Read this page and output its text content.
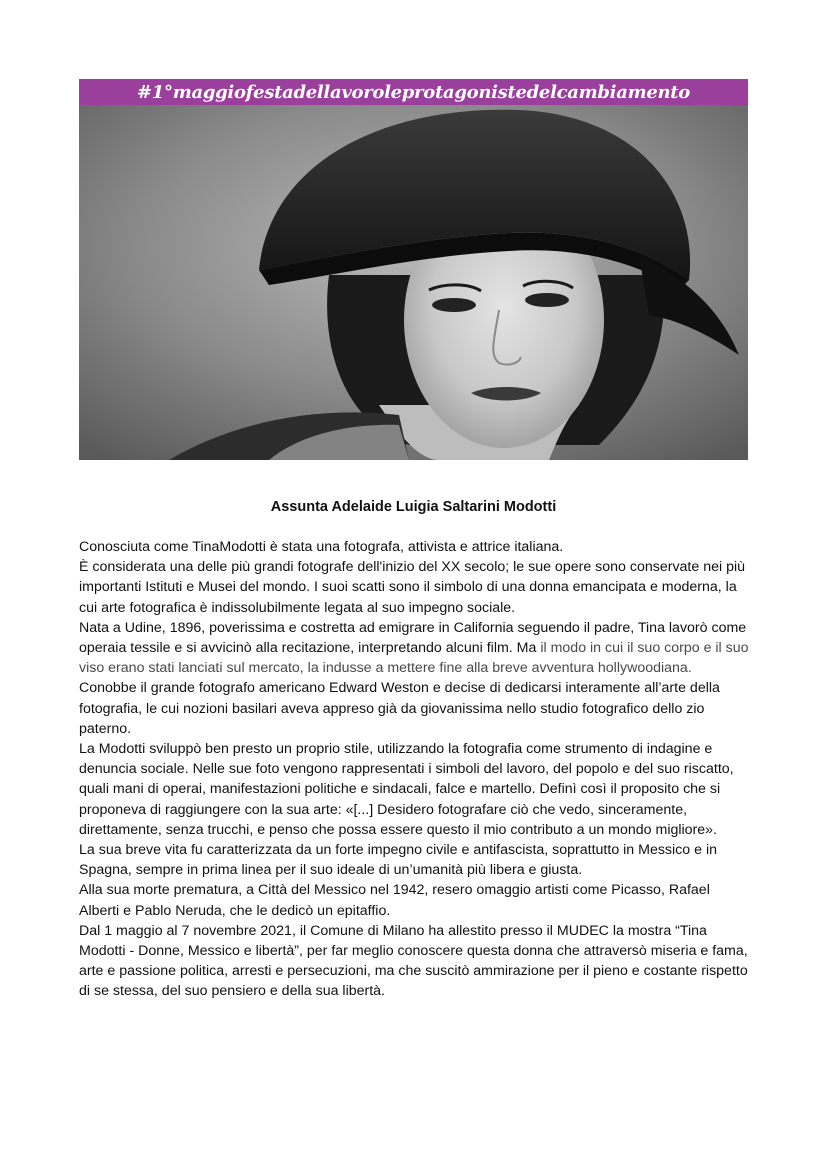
#1°maggiofestadellavoroleprotagonistedelcambiamento
Assunta Adelaide Luigia Saltarini Modotti

Conosciuta come TinaModotti è stata una fotografa, attivista e attrice italiana.

È considerata una delle più grandi fotografe dell'inizio del XX secolo; le sue opere sono conservate nei più importanti Istituti e Musei del mondo. I suoi scatti sono il simbolo di una donna emancipata e moderna, la cui arte fotografica è indissolubilmente legata al suo impegno sociale.

Nata a Udine, 1896, poverissima e costretta ad emigrare in California seguendo il padre, Tina lavorò come operaia tessile e si avvicinò alla recitazione, interpretando alcuni film. Ma il modo in cui il suo corpo e il suo viso erano stati lanciati sul mercato, la indusse a mettere fine alla breve avventura hollywoodiana. Conobbe il grande fotografo americano Edward Weston e decise di dedicarsi interamente all’arte della fotografia, le cui nozioni basilari aveva appreso già da giovanissima nello studio fotografico dello zio paterno.

La Modotti sviluppò ben presto un proprio stile, utilizzando la fotografia come strumento di indagine e denuncia sociale. Nelle sue foto vengono rappresentati i simboli del lavoro, del popolo e del suo riscatto, quali mani di operai, manifestazioni politiche e sindacali, falce e martello. Definì così il proposito che si proponeva di raggiungere con la sua arte: «[...] Desidero fotografare ciò che vedo, sinceramente, direttamente, senza trucchi, e penso che possa essere questo il mio contributo a un mondo migliore».

La sua breve vita fu caratterizzata da un forte impegno civile e antifascista, soprattutto in Messico e in Spagna, sempre in prima linea per il suo ideale di un’umanità più libera e giusta.

Alla sua morte prematura, a Città del Messico nel 1942, resero omaggio artisti come Picasso, Rafael Alberti e Pablo Neruda, che le dedicò un epitaffio.

Dal 1 maggio al 7 novembre 2021, il Comune di Milano ha allestito presso il MUDEC la mostra “Tina Modotti - Donne, Messico e libertà”, per far meglio conoscere questa donna che attraversò miseria e fama, arte e passione politica, arresti e persecuzioni, ma che suscitò ammirazione per il pieno e costante rispetto di se stessa, del suo pensiero e della sua libertà.
